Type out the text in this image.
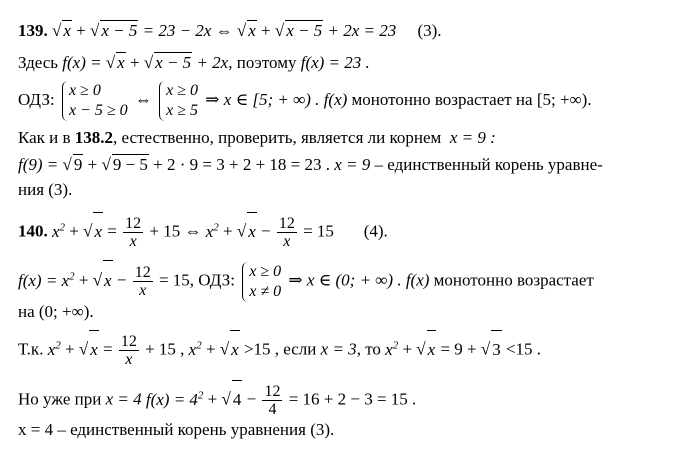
139. √ x + √ x − 5 = 23 − 2x ⇔ √ x + √ x − 5 + 2x = 23 (3).
Здесь f(x) = √ x + √ x − 5 + 2x, поэтому f(x) = 23 .
ОДЗ: x ≥ 0
x − 5 ≥ 0
⇔ x ≥ 0
x ≥ 5
⇒ x ∈ [5; + ∞) . f(x) монотонно возрастает на [5; +∞).
Как и в 138.2, естественно, проверить, является ли корнем x = 9 :
f(9) = √ 9 + √ 9 − 5 + 2 · 9 = 3 + 2 + 18 = 23 . x = 9 – единственный корень уравне-
ния (3).
140. $x^2$ + √ $x = \frac{12}{x} + 15$ ⇔ $x^2$ + √ $x - \frac{12}{x} = 15$       (4).
$f(x) = x^2$ + √ $x - \frac{12}{x} = 15$, ОДЗ: x ≥ 0
x ≠ 0
⇒ x ∈ (0; + ∞) . f(x) монотонно возрастает
на (0; +∞).
Т.к. $x^2$ + √ $x = \frac{12}{x} + 15$ , $x^2$ + √ x >15 , если x = 3, то $x^2$ + √ x = 9 + √ 3 <15 .
Но уже при x = 4 $f(x) = 4^2$ + √ $4 - \frac{12}{4} = 16 + 2 - 3 = 15$ .
x = 4 – единственный корень уравнения (3).
